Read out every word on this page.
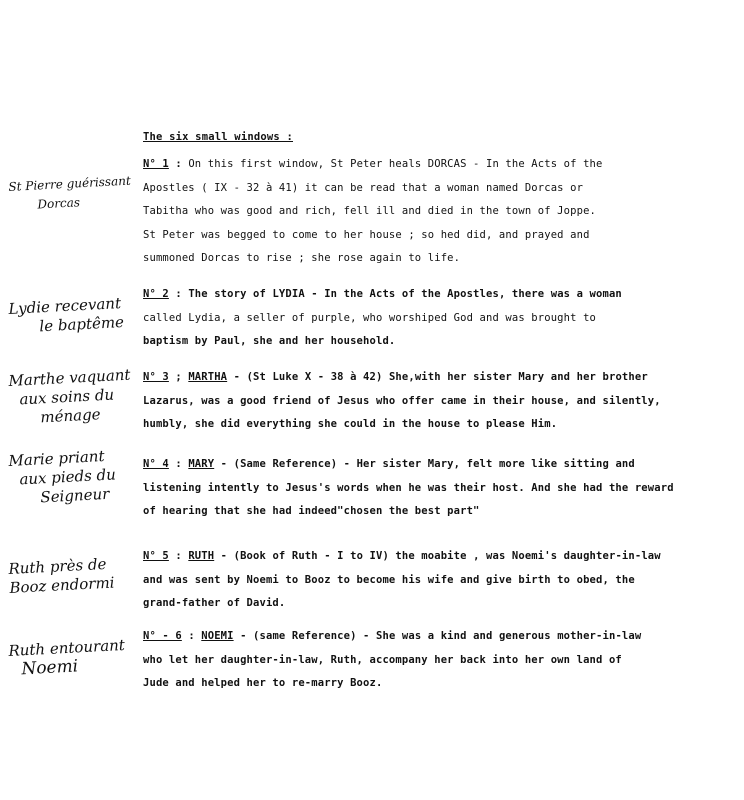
The six small windows :
St Pierre guérissant
Dorcas
N° 1 : On this first window, St Peter heals DORCAS - In the Acts of the
Apostles ( IX - 32 à 41) it can be read that a woman named Dorcas or
Tabitha who was good and rich, fell ill and died in the town of Joppe.
St Peter was begged to come to her house ; so hed did, and prayed and
summoned Dorcas to rise ; she rose again to life.
Lydie recevant
le baptême
N° 2 : The story of LYDIA - In the Acts of the Apostles, there was a woman
called Lydia, a seller of purple, who worshiped God and was brought to
baptism by Paul, she and her household.
Marthe vaquant
aux soins du
ménage
N° 3 ; MARTHA - (St Luke X - 38 à 42) She,with her sister Mary and her brother
Lazarus, was a good friend of Jesus who offer came in their house, and silently,
humbly, she did everything she could in the house to please Him.
Marie priant
aux pieds du
Seigneur
N° 4 : MARY - (Same Reference) - Her sister Mary, felt more like sitting and
listening intently to Jesus's words when he was their host. And she had the reward
of hearing that she had indeed"chosen the best part"
Ruth près de
Booz endormi
N° 5 : RUTH - (Book of Ruth - I to IV) the moabite , was Noemi's daughter-in-law
and was sent by Noemi to Booz to become his wife and give birth to obed, the
grand-father of David.
Ruth entourant
Noemi
N° - 6 : NOEMI - (same Reference) - She was a kind and generous mother-in-law
who let her daughter-in-law, Ruth, accompany her back into her own land of
Jude and helped her to re-marry Booz.
